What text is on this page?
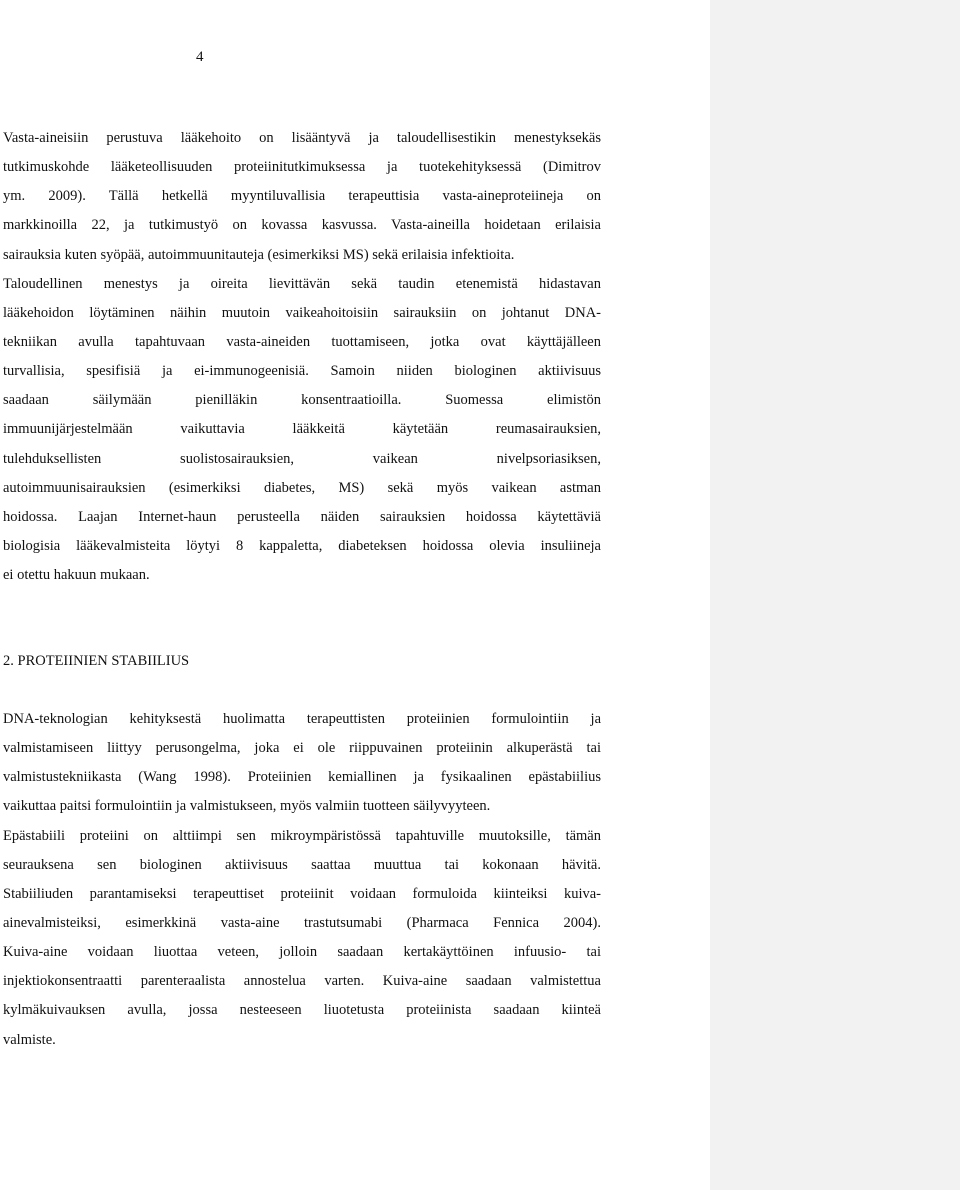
4
Vasta-aineisiin perustuva lääkehoito on lisääntyvä ja taloudellisestikin menestyksekäs
tutkimuskohde lääketeollisuuden proteiinitutkimuksessa ja tuotekehityksessä (Dimitrov
ym. 2009). Tällä hetkellä myyntiluvallisia terapeuttisia vasta-aineproteiineja on
markkinoilla 22, ja tutkimustyö on kovassa kasvussa. Vasta-aineilla hoidetaan erilaisia
sairauksia kuten syöpää, autoimmuunitauteja (esimerkiksi MS) sekä erilaisia infektioita.
Taloudellinen menestys ja oireita lievittävän sekä taudin etenemistä hidastavan
lääkehoidon löytäminen näihin muutoin vaikeahoitoisiin sairauksiin on johtanut DNA-
tekniikan avulla tapahtuvaan vasta-aineiden tuottamiseen, jotka ovat käyttäjälleen
turvallisia, spesifisiä ja ei-immunogeenisiä. Samoin niiden biologinen aktiivisuus
saadaan säilymään pienilläkin konsentraatioilla. Suomessa elimistön
immuunijärjestelmään vaikuttavia lääkkeitä käytetään reumasairauksien,
tulehduksellisten suolistosairauksien, vaikean nivelpsoriasiksen,
autoimmuunisairauksien (esimerkiksi diabetes, MS) sekä myös vaikean astman
hoidossa. Laajan Internet-haun perusteella näiden sairauksien hoidossa käytettäviä
biologisia lääkevalmisteita löytyi 8 kappaletta, diabeteksen hoidossa olevia insuliineja
ei otettu hakuun mukaan.
2. PROTEIINIEN STABIILIUS
DNA-teknologian kehityksestä huolimatta terapeuttisten proteiinien formulointiin ja
valmistamiseen liittyy perusongelma, joka ei ole riippuvainen proteiinin alkuperästä tai
valmistustekniikasta (Wang 1998). Proteiinien kemiallinen ja fysikaalinen epästabiilius
vaikuttaa paitsi formulointiin ja valmistukseen, myös valmiin tuotteen säilyvyyteen.
Epästabiili proteiini on alttiimpi sen mikroympäristössä tapahtuville muutoksille, tämän
seurauksena sen biologinen aktiivisuus saattaa muuttua tai kokonaan hävitä.
Stabiiliuden parantamiseksi terapeuttiset proteiinit voidaan formuloida kiinteiksi kuiva-
ainevalmisteiksi, esimerkkinä vasta-aine trastutsumabi (Pharmaca Fennica 2004).
Kuiva-aine voidaan liuottaa veteen, jolloin saadaan kertakäyttöinen infuusio- tai
injektiokonsentraatti parenteraalista annostelua varten. Kuiva-aine saadaan valmistettua
kylmäkuivauksen avulla, jossa nesteeseen liuotetusta proteiinista saadaan kiinteä
valmiste.
